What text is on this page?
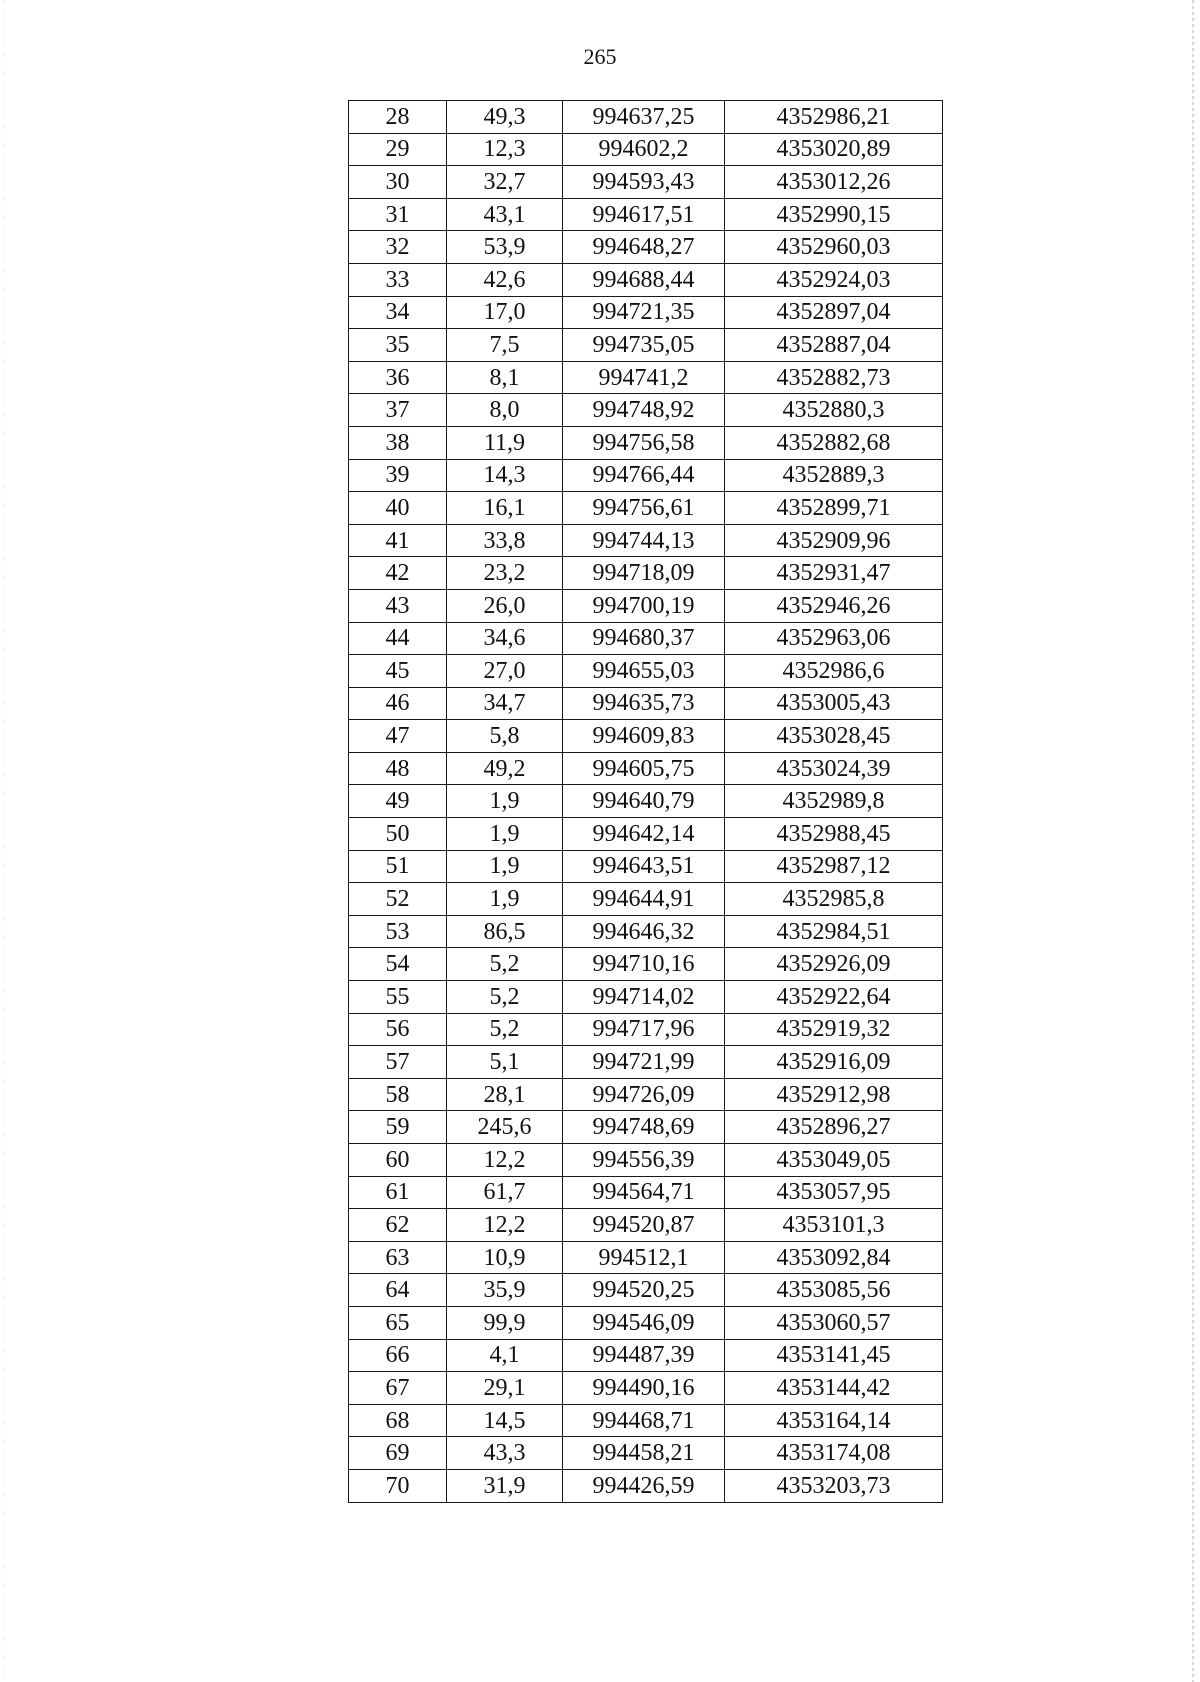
265
28	49,3	994637,25	4352986,21
29	12,3	994602,2	4353020,89
30	32,7	994593,43	4353012,26
31	43,1	994617,51	4352990,15
32	53,9	994648,27	4352960,03
33	42,6	994688,44	4352924,03
34	17,0	994721,35	4352897,04
35	7,5	994735,05	4352887,04
36	8,1	994741,2	4352882,73
37	8,0	994748,92	4352880,3
38	11,9	994756,58	4352882,68
39	14,3	994766,44	4352889,3
40	16,1	994756,61	4352899,71
41	33,8	994744,13	4352909,96
42	23,2	994718,09	4352931,47
43	26,0	994700,19	4352946,26
44	34,6	994680,37	4352963,06
45	27,0	994655,03	4352986,6
46	34,7	994635,73	4353005,43
47	5,8	994609,83	4353028,45
48	49,2	994605,75	4353024,39
49	1,9	994640,79	4352989,8
50	1,9	994642,14	4352988,45
51	1,9	994643,51	4352987,12
52	1,9	994644,91	4352985,8
53	86,5	994646,32	4352984,51
54	5,2	994710,16	4352926,09
55	5,2	994714,02	4352922,64
56	5,2	994717,96	4352919,32
57	5,1	994721,99	4352916,09
58	28,1	994726,09	4352912,98
59	245,6	994748,69	4352896,27
60	12,2	994556,39	4353049,05
61	61,7	994564,71	4353057,95
62	12,2	994520,87	4353101,3
63	10,9	994512,1	4353092,84
64	35,9	994520,25	4353085,56
65	99,9	994546,09	4353060,57
66	4,1	994487,39	4353141,45
67	29,1	994490,16	4353144,42
68	14,5	994468,71	4353164,14
69	43,3	994458,21	4353174,08
70	31,9	994426,59	4353203,73
